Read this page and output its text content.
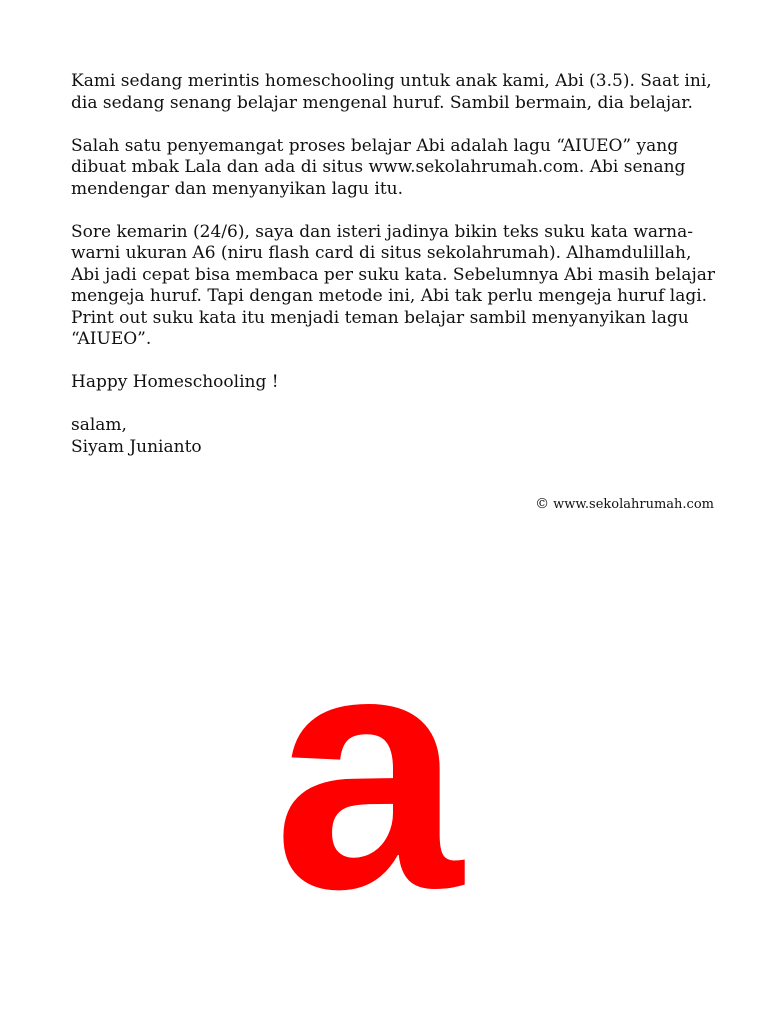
Kami sedang merintis homeschooling untuk anak kami, Abi (3.5). Saat ini, dia sedang senang belajar mengenal huruf. Sambil bermain, dia belajar.

Salah satu penyemangat proses belajar Abi adalah lagu “AIUEO” yang dibuat mbak Lala dan ada di situs www.sekolahrumah.com. Abi senang mendengar dan menyanyikan lagu itu.

Sore kemarin (24/6), saya dan isteri jadinya bikin teks suku kata warna-warni ukuran A6 (niru flash card di situs sekolahrumah). Alhamdulillah, Abi jadi cepat bisa membaca per suku kata. Sebelumnya Abi masih belajar mengeja huruf. Tapi dengan metode ini, Abi tak perlu mengeja huruf lagi. Print out suku kata itu menjadi teman belajar sambil menyanyikan lagu “AIUEO”.

Happy Homeschooling !

salam,
Siyam Junianto
© www.sekolahrumah.com
a
